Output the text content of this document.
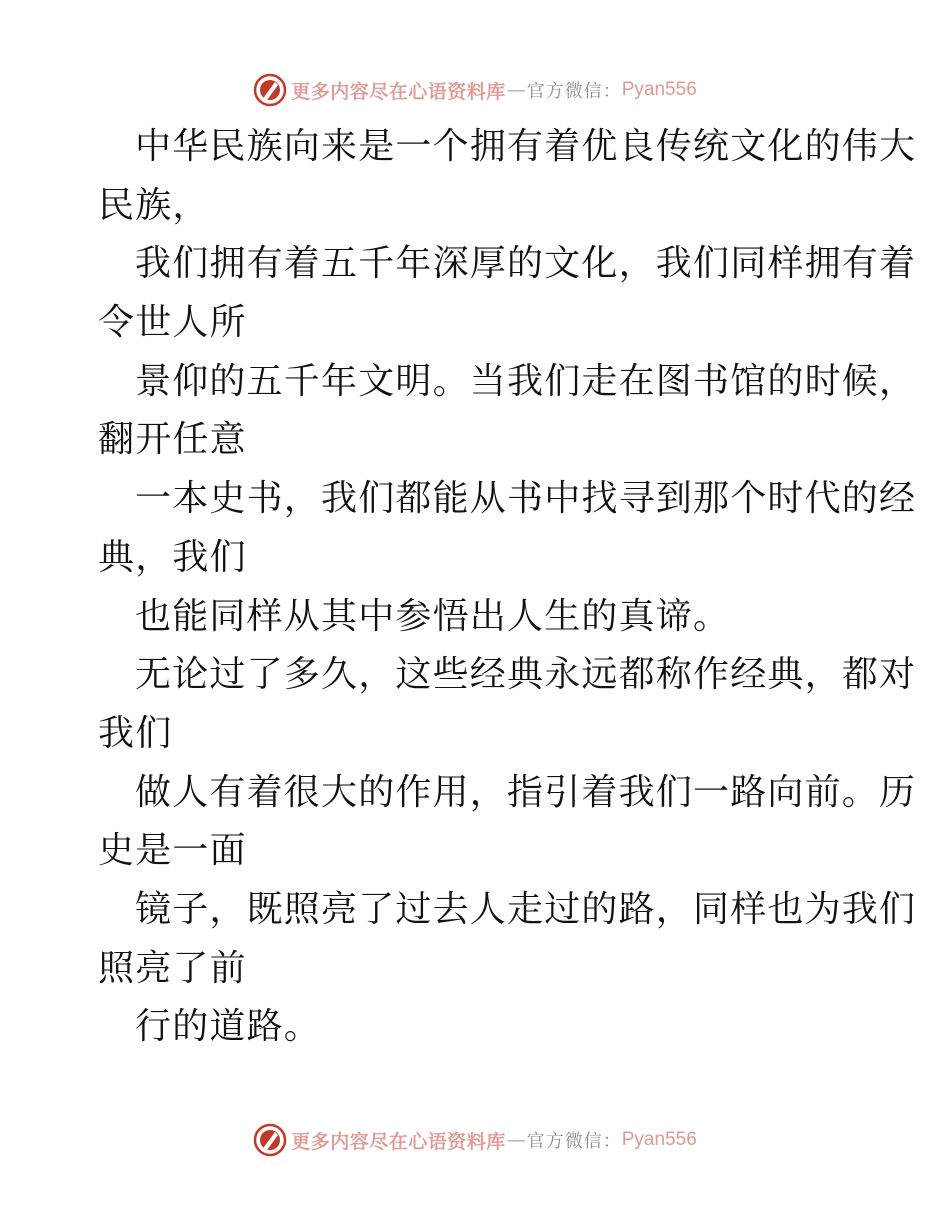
更多内容尽在心语资料库 — 官方微信： Pyan556
中华民族向来是一个拥有着优良传统文化的伟大
民族，
我们拥有着五千年深厚的文化，我们同样拥有着
令世人所
景仰的五千年文明。当我们走在图书馆的时候，
翻开任意
一本史书，我们都能从书中找寻到那个时代的经
典，我们
也能同样从其中参悟出人生的真谛。
无论过了多久，这些经典永远都称作经典，都对
我们
做人有着很大的作用，指引着我们一路向前。历
史是一面
镜子，既照亮了过去人走过的路，同样也为我们
照亮了前
行的道路。
更多内容尽在心语资料库 — 官方微信： Pyan556
